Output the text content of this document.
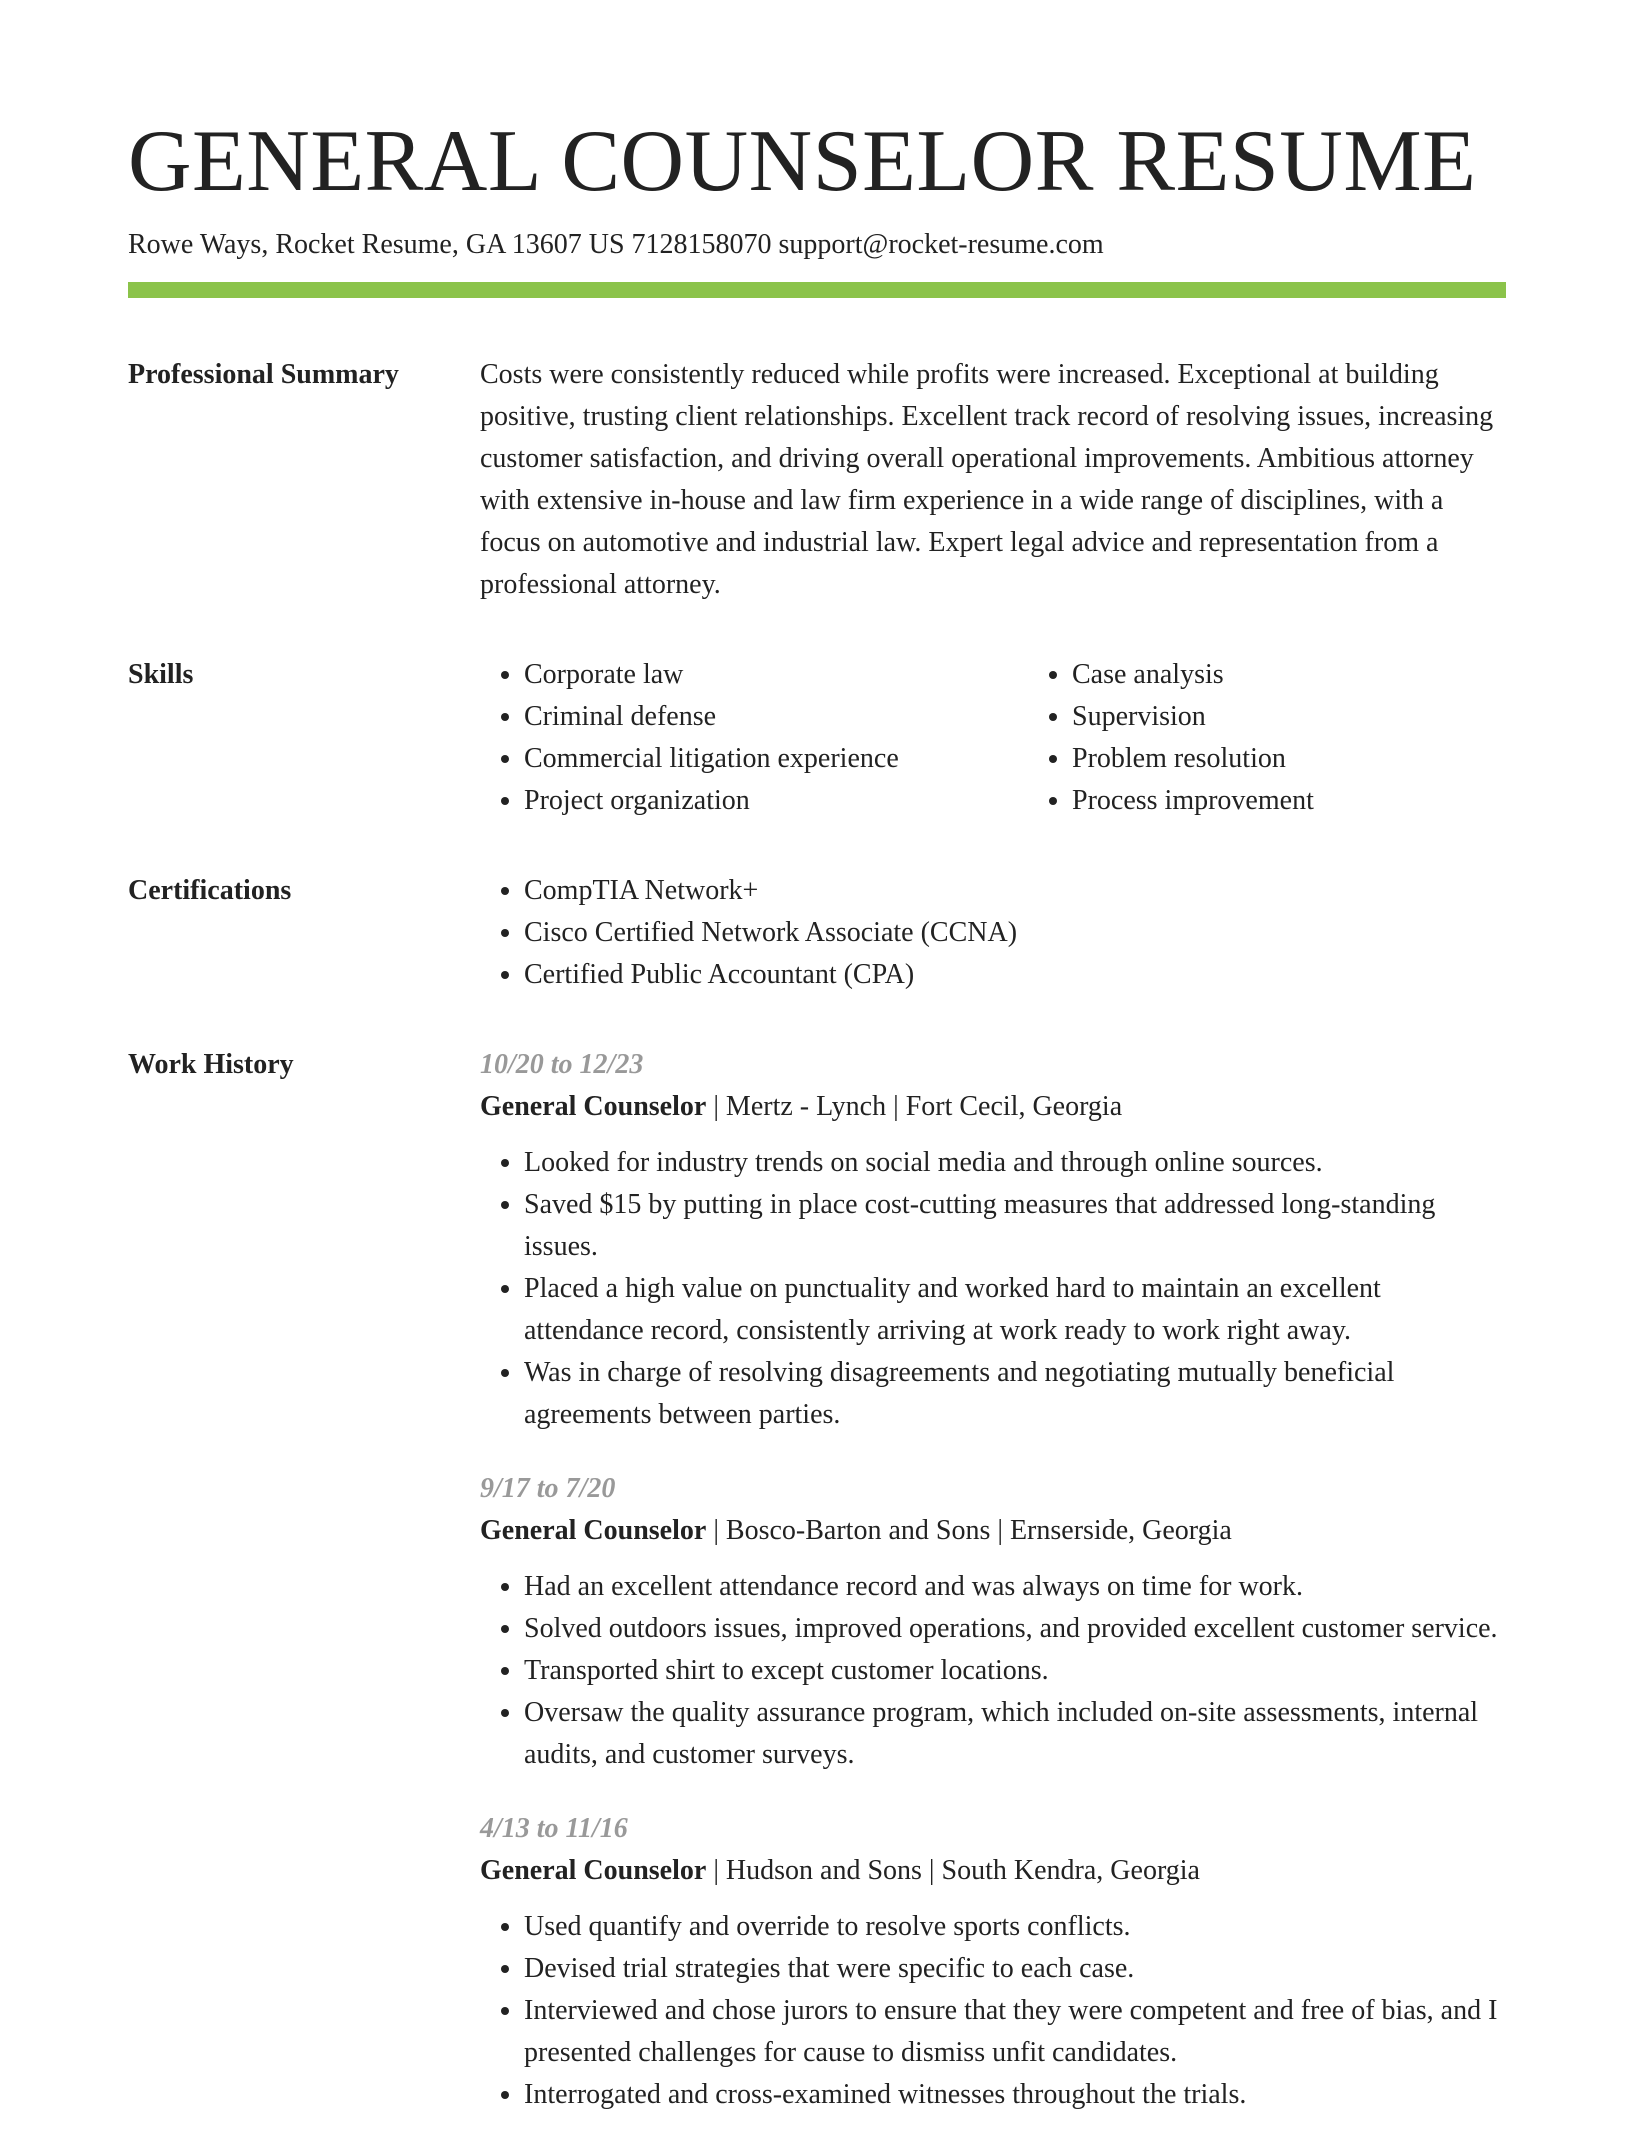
GENERAL COUNSELOR RESUME
Rowe Ways, Rocket Resume, GA 13607 US 7128158070 support@rocket-resume.com
Professional Summary	Costs were consistently reduced while profits were increased. Exceptional at building positive, trusting client relationships. Excellent track record of resolving issues, increasing customer satisfaction, and driving overall operational improvements. Ambitious attorney with extensive in-house and law firm experience in a wide range of disciplines, with a focus on automotive and industrial law. Expert legal advice and representation from a professional attorney.

Skills	• Corporate law
• Criminal defense
• Commercial litigation experience
• Project organization
• Case analysis
• Supervision
• Problem resolution
• Process improvement
Certifications	• CompTIA Network+
• Cisco Certified Network Associate (CCNA)
• Certified Public Accountant (CPA)
Work History	10/20 to 12/23
General Counselor | Mertz - Lynch | Fort Cecil, Georgia
• Looked for industry trends on social media and through online sources.
• Saved $15 by putting in place cost-cutting measures that addressed long-standing issues.
• Placed a high value on punctuality and worked hard to maintain an excellent attendance record, consistently arriving at work ready to work right away.
• Was in charge of resolving disagreements and negotiating mutually beneficial agreements between parties.
9/17 to 7/20
General Counselor | Bosco-Barton and Sons | Ernserside, Georgia
• Had an excellent attendance record and was always on time for work.
• Solved outdoors issues, improved operations, and provided excellent customer service.
• Transported shirt to except customer locations.
• Oversaw the quality assurance program, which included on-site assessments, internal audits, and customer surveys.
4/13 to 11/16
General Counselor | Hudson and Sons | South Kendra, Georgia
• Used quantify and override to resolve sports conflicts.
• Devised trial strategies that were specific to each case.
• Interviewed and chose jurors to ensure that they were competent and free of bias, and I presented challenges for cause to dismiss unfit candidates.
• Interrogated and cross-examined witnesses throughout the trials.
